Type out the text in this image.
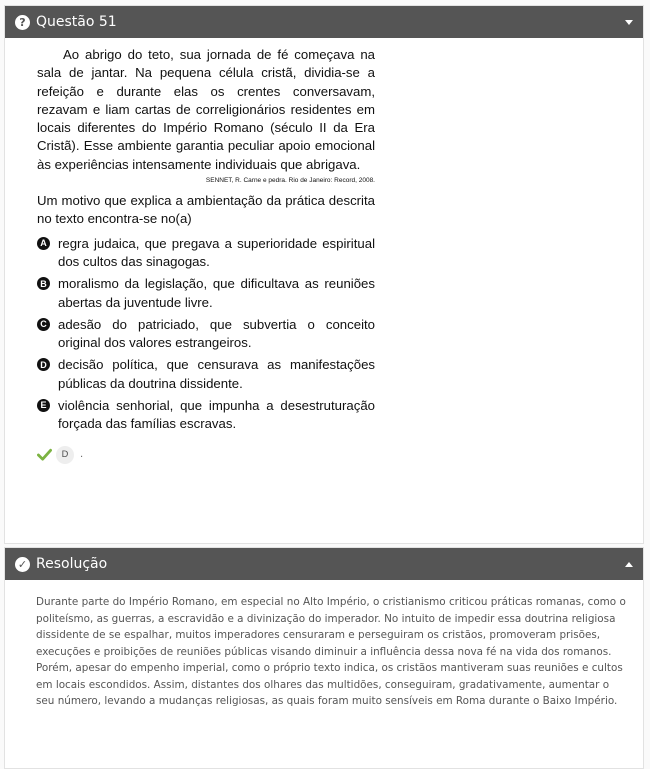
? Questão 51

Ao abrigo do teto, sua jornada de fé começava na sala de jantar. Na pequena célula cristã, dividia-se a refeição e durante elas os crentes conversavam, rezavam e liam cartas de correligionários residentes em locais diferentes do Império Romano (século II da Era Cristã). Esse ambiente garantia peculiar apoio emocional às experiências intensamente individuais que abrigava.

SENNET, R. Carne e pedra. Rio de Janeiro: Record, 2008.

Um motivo que explica a ambientação da prática descrita no texto encontra-se no(a)

A regra judaica, que pregava a superioridade espiritual dos cultos das sinagogas.
B moralismo da legislação, que dificultava as reuniões abertas da juventude livre.
C adesão do patriciado, que subvertia o conceito original dos valores estrangeiros.
D decisão política, que censurava as manifestações públicas da doutrina dissidente.
E violência senhorial, que impunha a desestruturação forçada das famílias escravas.
D	.
✓ Resolução
Durante parte do Império Romano, em especial no Alto Império, o cristianismo criticou práticas romanas, como o politeísmo, as guerras, a escravidão e a divinização do imperador. No intuito de impedir essa doutrina religiosa dissidente de se espalhar, muitos imperadores censuraram e perseguiram os cristãos, promoveram prisões, execuções e proibições de reuniões públicas visando diminuir a influência dessa nova fé na vida dos romanos. Porém, apesar do empenho imperial, como o próprio texto indica, os cristãos mantiveram suas reuniões e cultos em locais escondidos. Assim, distantes dos olhares das multidões, conseguiram, gradativamente, aumentar o seu número, levando a mudanças religiosas, as quais foram muito sensíveis em Roma durante o Baixo Império.
